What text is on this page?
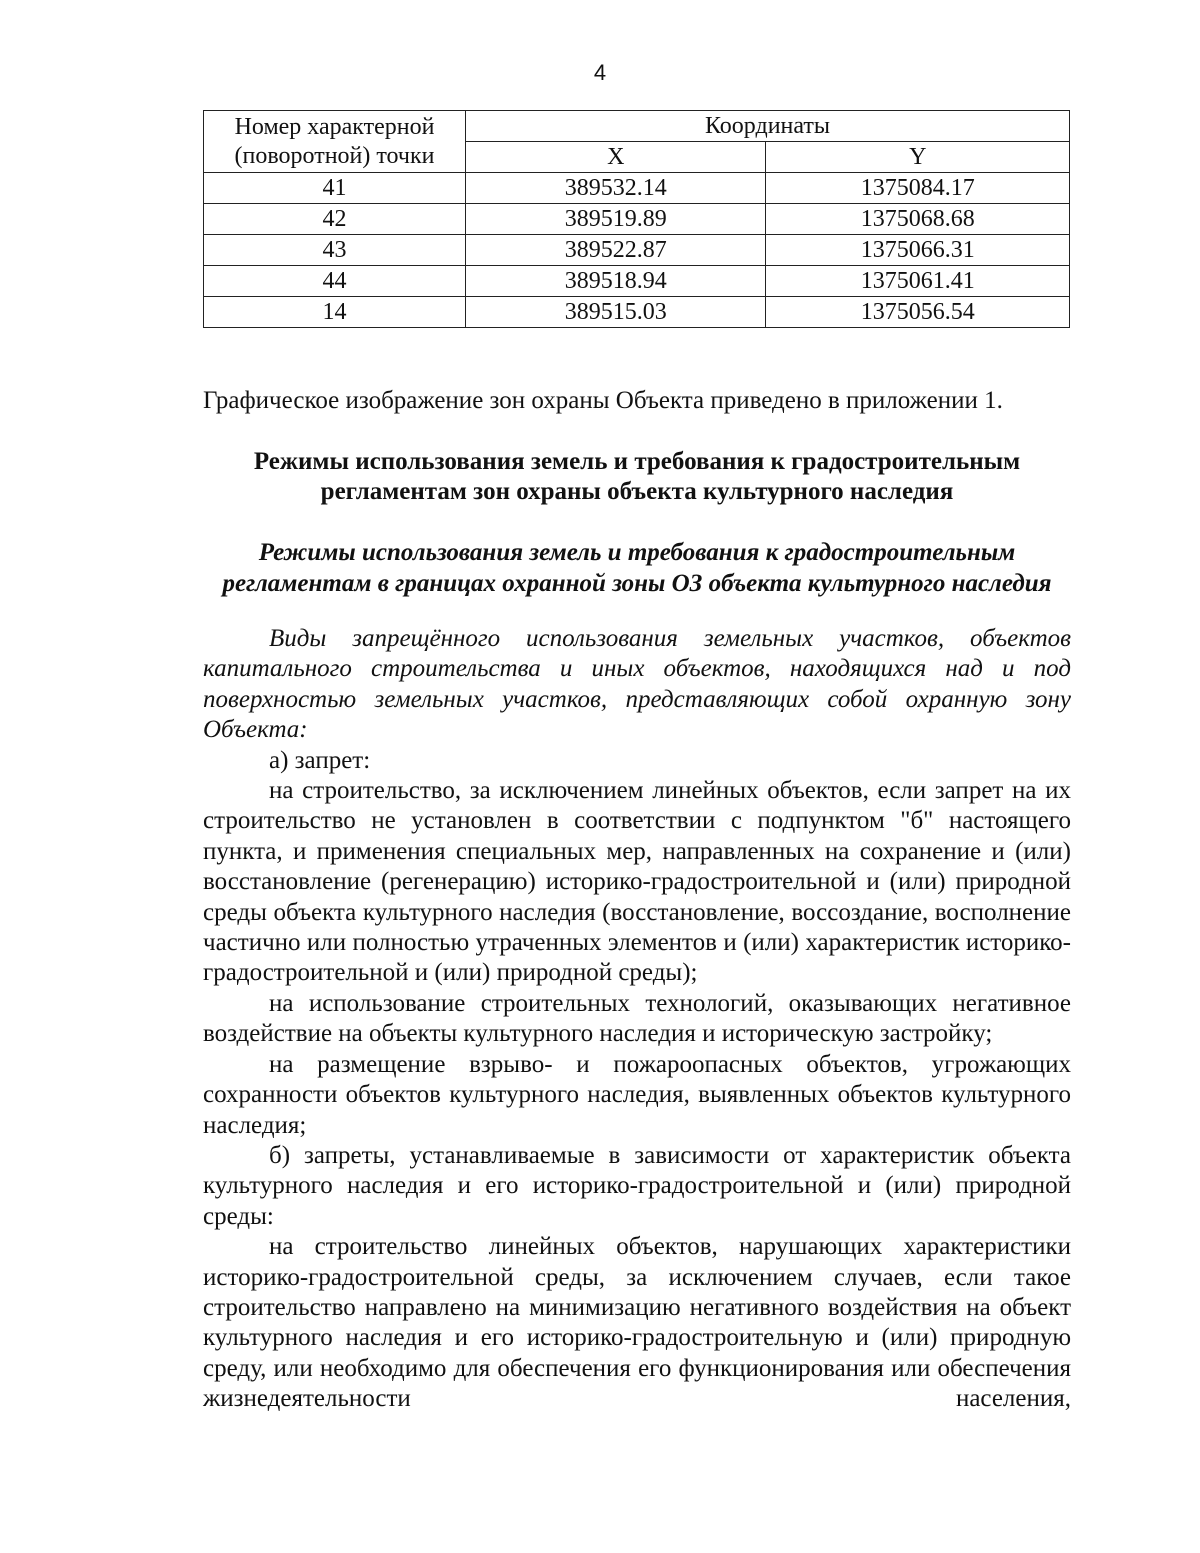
4
Номер характерной (поворотной) точки	Координаты	
	X	Y
41	389532.14	1375084.17
42	389519.89	1375068.68
43	389522.87	1375066.31
44	389518.94	1375061.41
14	389515.03	1375056.54
Графическое изображение зон охраны Объекта приведено в приложении 1.
Режимы использования земель и требования к градостроительным регламентам зон охраны объекта культурного наследия
Режимы использования земель и требования к градостроительным регламентам в границах охранной зоны ОЗ объекта культурного наследия

Виды запрещённого использования земельных участков, объектов капитального строительства и иных объектов, находящихся над и под поверхностью земельных участков, представляющих собой охранную зону Объекта:

а) запрет:

на строительство, за исключением линейных объектов, если запрет на их строительство не установлен в соответствии с подпунктом "б" настоящего пункта, и применения специальных мер, направленных на сохранение и (или) восстановление (регенерацию) историко-градостроительной и (или) природной среды объекта культурного наследия (восстановление, воссоздание, восполнение частично или полностью утраченных элементов и (или) характеристик историко-градостроительной и (или) природной среды);

на использование строительных технологий, оказывающих негативное воздействие на объекты культурного наследия и историческую застройку;

на размещение взрыво- и пожароопасных объектов, угрожающих сохранности объектов культурного наследия, выявленных объектов культурного наследия;

б) запреты, устанавливаемые в зависимости от характеристик объекта культурного наследия и его историко-градостроительной и (или) природной среды:

на строительство линейных объектов, нарушающих характеристики историко-градостроительной среды, за исключением случаев, если такое строительство направлено на минимизацию негативного воздействия на объект культурного наследия и его историко-градостроительную и (или) природную среду, или необходимо для обеспечения его функционирования или обеспечения жизнедеятельности населения,
